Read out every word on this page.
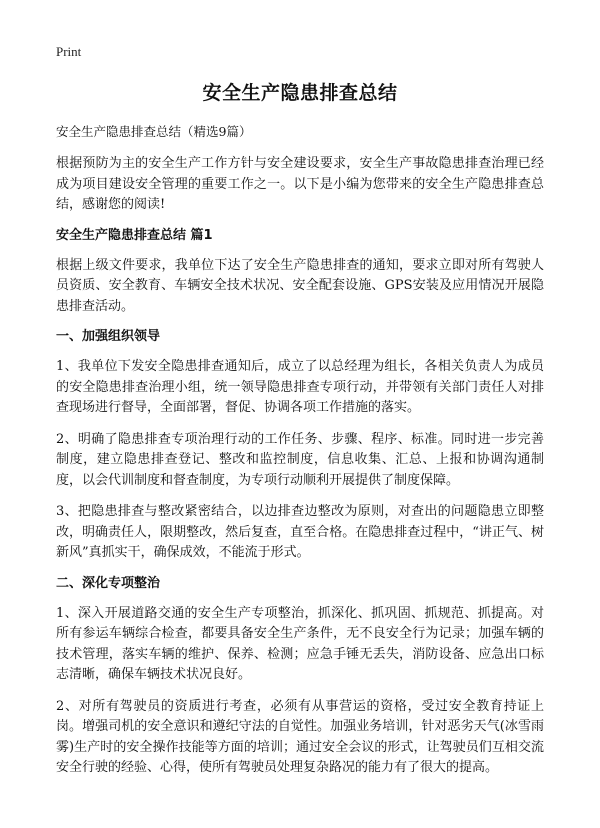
Print
安全生产隐患排查总结
安全生产隐患排查总结（精选9篇）

根据预防为主的安全生产工作方针与安全建设要求，安全生产事故隐患排查治理已经成为项目建设安全管理的重要工作之一。以下是小编为您带来的安全生产隐患排查总结，感谢您的阅读!

安全生产隐患排查总结 篇1

根据上级文件要求，我单位下达了安全生产隐患排查的通知，要求立即对所有驾驶人员资质、安全教育、车辆安全技术状况、安全配套设施、GPS安装及应用情况开展隐患排查活动。

一、加强组织领导

1、我单位下发安全隐患排查通知后，成立了以总经理为组长，各相关负责人为成员的安全隐患排查治理小组，统一领导隐患排查专项行动，并带领有关部门责任人对排查现场进行督导，全面部署，督促、协调各项工作措施的落实。

2、明确了隐患排查专项治理行动的工作任务、步骤、程序、标准。同时进一步完善制度，建立隐患排查登记、整改和监控制度，信息收集、汇总、上报和协调沟通制度，以会代训制度和督查制度，为专项行动顺利开展提供了制度保障。

3、把隐患排查与整改紧密结合，以边排查边整改为原则，对查出的问题隐患立即整改，明确责任人，限期整改，然后复查，直至合格。在隐患排查过程中，“讲正气、树新风”真抓实干，确保成效，不能流于形式。

二、深化专项整治

1、深入开展道路交通的安全生产专项整治，抓深化、抓巩固、抓规范、抓提高。对所有参运车辆综合检查，都要具备安全生产条件，无不良安全行为记录；加强车辆的技术管理，落实车辆的维护、保养、检测；应急手锤无丢失，消防设备、应急出口标志清晰，确保车辆技术状况良好。

2、对所有驾驶员的资质进行考查，必须有从事营运的资格，受过安全教育持证上岗。增强司机的安全意识和遵纪守法的自觉性。加强业务培训，针对恶劣天气(冰雪雨雾)生产时的安全操作技能等方面的培训；通过安全会议的形式，让驾驶员们互相交流安全行驶的经验、心得，使所有驾驶员处理复杂路况的能力有了很大的提高。
